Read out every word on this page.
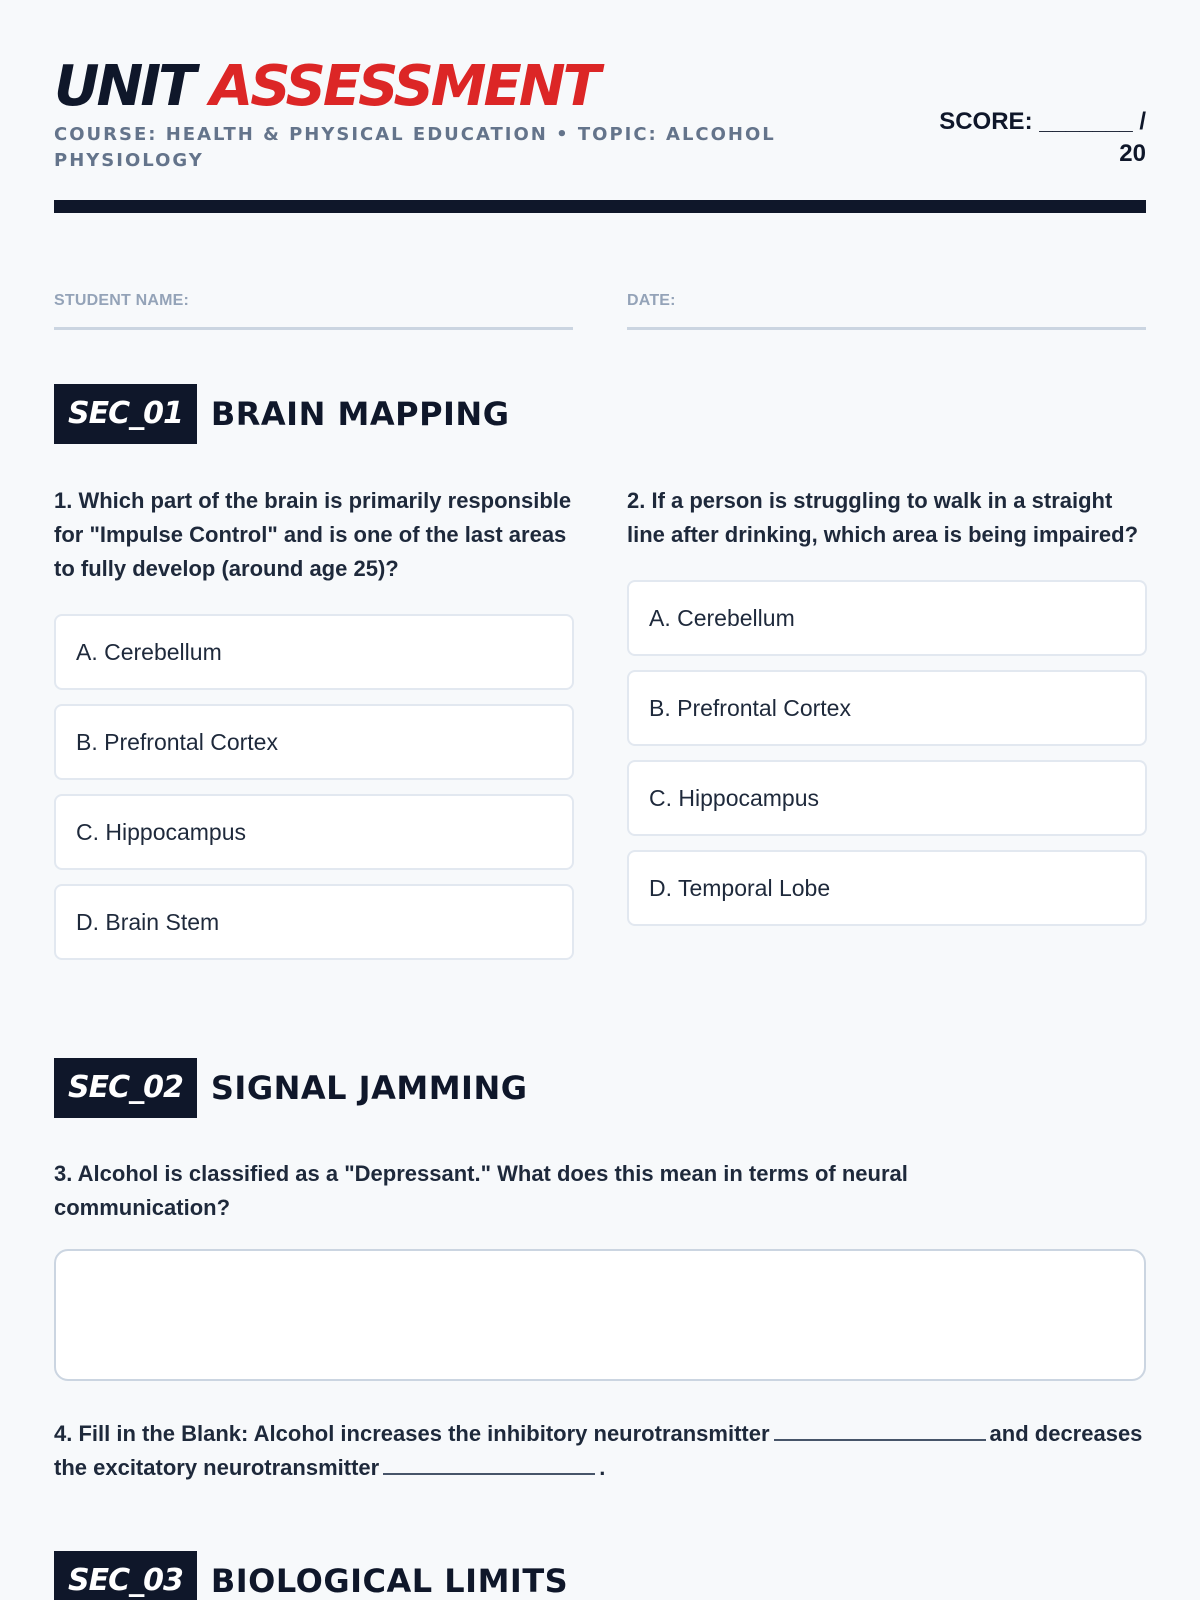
UNIT ASSESSMENT
COURSE: HEALTH & PHYSICAL EDUCATION • TOPIC: ALCOHOL PHYSIOLOGY
SCORE: _______ /
20
STUDENT NAME:	DATE:
SEC_01 BRAIN MAPPING
1. Which part of the brain is primarily responsible for "Impulse Control" and is one of the last areas to fully develop (around age 25)?
A. Cerebellum
B. Prefrontal Cortex
C. Hippocampus
D. Brain Stem
2. If a person is struggling to walk in a straight line after drinking, which area is being impaired?
A. Cerebellum
B. Prefrontal Cortex
C. Hippocampus
D. Temporal Lobe
SEC_02 SIGNAL JAMMING
3. Alcohol is classified as a "Depressant." What does this mean in terms of neural communication?
4. Fill in the Blank: Alcohol increases the inhibitory neurotransmitter	and decreases the excitatory neurotransmitter	.
SEC_03 BIOLOGICAL LIMITS
